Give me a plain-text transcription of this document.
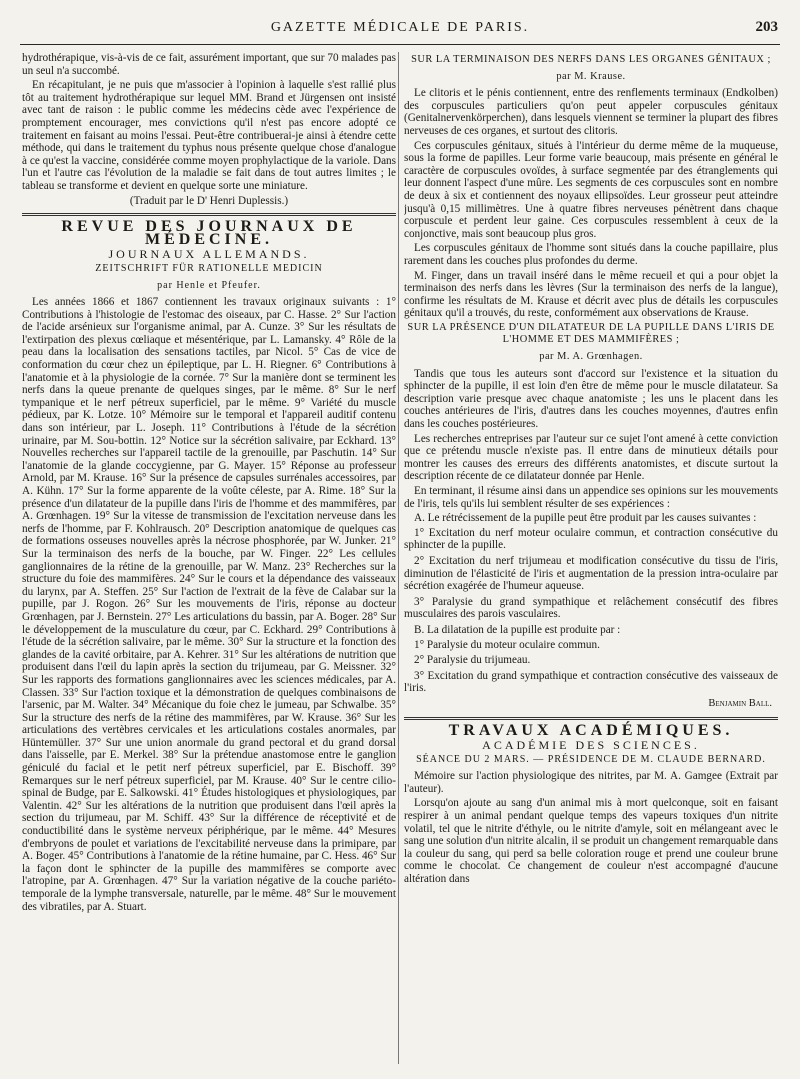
GAZETTE MÉDICALE DE PARIS.	203

hydrothérapique, vis-à-vis de ce fait, assurément important, que sur 70 malades pas un seul n'a succombé.

En récapitulant, je ne puis que m'associer à l'opinion à laquelle s'est rallié plus tôt au traitement hydrothérapique sur lequel MM. Brand et Jürgensen ont insisté avec tant de raison : le public comme les médecins cède avec l'expérience de promptement encourager, mes convictions qu'il n'est pas encore adopté ce traitement en faisant au moins l'essai. Peut-être contribuerai-je ainsi à étendre cette méthode, qui dans le traitement du typhus nous présente quelque chose d'analogue à ce qu'est la vaccine, considérée comme moyen prophylactique de la variole. Dans l'un et l'autre cas l'évolution de la maladie se fait dans de tout autres limites ; le tableau se transforme et devient en quelque sorte une miniature.

(Traduit par le D' Henri Duplessis.)

REVUE DES JOURNAUX DE MÉDECINE.
JOURNAUX ALLEMANDS.
ZEITSCHRIFT FÜR RATIONELLE MEDICIN
par Henle et Pfeufer.

Les années 1866 et 1867 contiennent les travaux originaux suivants : 1° Contributions à l'histologie de l'estomac des oiseaux, par C. Hasse. 2° Sur l'action de l'acide arsénieux sur l'organisme animal, par A. Cunze. 3° Sur les résultats de l'extirpation des plexus cœliaque et mésentérique, par L. Lamansky. 4° Rôle de la peau dans la localisation des sensations tactiles, par Nicol. 5° Cas de vice de conformation du cœur chez un épileptique, par L. H. Riegner. 6° Contributions à l'anatomie et à la physiologie de la cornée. 7° Sur la manière dont se terminent les nerfs dans la queue prenante de quelques singes, par le même. 8° Sur le nerf tympanique et le nerf pétreux superficiel, par le même. 9° Variété du muscle pédieux, par K. Lotze. 10° Mémoire sur le temporal et l'appareil auditif contenu dans son intérieur, par L. Joseph. 11° Contributions à l'étude de la sécrétion urinaire, par M. Sou-bottin. 12° Notice sur la sécrétion salivaire, par Eckhard. 13° Nouvelles recherches sur l'appareil tactile de la grenouille, par Paschutin. 14° Sur l'anatomie de la glande coccygienne, par G. Mayer. 15° Réponse au professeur Arnold, par M. Krause. 16° Sur la présence de capsules surrénales accessoires, par A. Kühn. 17° Sur la forme apparente de la voûte céleste, par A. Rime. 18° Sur la présence d'un dilatateur de la pupille dans l'iris de l'homme et des mammifères, par A. Grœnhagen. 19° Sur la vitesse de transmission de l'excitation nerveuse dans les nerfs de l'homme, par F. Kohlrausch. 20° Description anatomique de quelques cas de formations osseuses nouvelles après la nécrose phosphorée, par W. Junker. 21° Sur la terminaison des nerfs de la bouche, par W. Finger. 22° Les cellules ganglionnaires de la rétine de la grenouille, par W. Manz. 23° Recherches sur la structure du foie des mammifères. 24° Sur le cours et la dépendance des vaisseaux du larynx, par A. Steffen. 25° Sur l'action de l'extrait de la fève de Calabar sur la pupille, par J. Rogon. 26° Sur les mouvements de l'iris, réponse au docteur Grœnhagen, par J. Bernstein. 27° Les articulations du bassin, par A. Boger. 28° Sur le développement de la musculature du cœur, par C. Eckhard. 29° Contributions à l'étude de la sécrétion salivaire, par le même. 30° Sur la structure et la fonction des glandes de la cavité orbitaire, par A. Kehrer. 31° Sur les altérations de nutrition que produisent dans l'œil du lapin après la section du trijumeau, par G. Meissner. 32° Sur les rapports des formations ganglionnaires avec les sciences médicales, par A. Classen. 33° Sur l'action toxique et la démonstration de quelques combinaisons de l'arsenic, par M. Walter. 34° Mécanique du foie chez le jumeau, par Schwalbe. 35° Sur la structure des nerfs de la rétine des mammifères, par W. Krause. 36° Sur les articulations des vertèbres cervicales et les articulations costales anormales, par Hüntemüller. 37° Sur une union anormale du grand pectoral et du grand dorsal dans l'aisselle, par E. Merkel. 38° Sur la prétendue anastomose entre le ganglion géniculé du facial et le petit nerf pétreux superficiel, par E. Bischoff. 39° Remarques sur le nerf pétreux superficiel, par M. Krause. 40° Sur le centre cilio-spinal de Budge, par E. Salkowski. 41° Études histologiques et physiologiques, par Valentin. 42° Sur les altérations de la nutrition que produisent dans l'œil après la section du trijumeau, par M. Schiff. 43° Sur la différence de réceptivité et de conductibilité dans le système nerveux périphérique, par le même. 44° Mesures d'embryons de poulet et variations de l'excitabilité nerveuse dans la primipare, par A. Boger. 45° Contributions à l'anatomie de la rétine humaine, par C. Hess. 46° Sur la façon dont le sphincter de la pupille des mammifères se comporte avec l'atropine, par A. Grœnhagen. 47° Sur la variation négative de la couche pariéto-temporale de la lymphe transversale, naturelle, par le même. 48° Sur le mouvement des vibratiles, par A. Stuart.

SUR LA TERMINAISON DES NERFS DANS LES ORGANES GÉNITAUX ;
par M. Krause.

Le clitoris et le pénis contiennent, entre des renflements terminaux (Endkolben) des corpuscules particuliers qu'on peut appeler corpuscules génitaux (Genitalnervenkörperchen), dans lesquels viennent se terminer la plupart des fibres nerveuses de ces organes, et surtout des clitoris.

Ces corpuscules génitaux, situés à l'intérieur du derme même de la muqueuse, sous la forme de papilles. Leur forme varie beaucoup, mais présente en général le caractère de corpuscules ovoïdes, à surface segmentée par des étranglements qui leur donnent l'aspect d'une mûre. Les segments de ces corpuscules sont en nombre de deux à six et contiennent des noyaux ellipsoïdes. Leur grosseur peut atteindre jusqu'à 0,15 millimètres. Une à quatre fibres nerveuses pénètrent dans chaque corpuscule et perdent leur gaine. Ces corpuscules ressemblent à ceux de la conjonctive, mais sont beaucoup plus gros.

Les corpuscules génitaux de l'homme sont situés dans la couche papillaire, plus rarement dans les couches plus profondes du derme.

M. Finger, dans un travail inséré dans le même recueil et qui a pour objet la terminaison des nerfs dans les lèvres (Sur la terminaison des nerfs de la langue), confirme les résultats de M. Krause et décrit avec plus de détails les corpuscules génitaux qu'il a trouvés, du reste, conformément aux observations de Krause.

SUR LA PRÉSENCE D'UN DILATATEUR DE LA PUPILLE DANS L'IRIS DE L'HOMME ET DES MAMMIFÈRES ;
par M. A. Grœnhagen.

Tandis que tous les auteurs sont d'accord sur l'existence et la situation du sphincter de la pupille, il est loin d'en être de même pour le muscle dilatateur. Sa description varie presque avec chaque anatomiste ; les uns le placent dans les couches antérieures de l'iris, d'autres dans les couches moyennes, d'autres enfin dans les couches postérieures.

Les recherches entreprises par l'auteur sur ce sujet l'ont amené à cette conviction que ce prétendu muscle n'existe pas. Il entre dans de minutieux détails pour montrer les causes des erreurs des différents anatomistes, et discute surtout la description récente de ce dilatateur donnée par Henle.

En terminant, il résume ainsi dans un appendice ses opinions sur les mouvements de l'iris, tels qu'ils lui semblent résulter de ses expériences :

A. Le rétrécissement de la pupille peut être produit par les causes suivantes :

1° Excitation du nerf moteur oculaire commun, et contraction consécutive du sphincter de la pupille.

2° Excitation du nerf trijumeau et modification consécutive du tissu de l'iris, diminution de l'élasticité de l'iris et augmentation de la pression intra-oculaire par sécrétion exagérée de l'humeur aqueuse.

3° Paralysie du grand sympathique et relâchement consécutif des fibres musculaires des parois vasculaires.

B. La dilatation de la pupille est produite par :

1° Paralysie du moteur oculaire commun.

2° Paralysie du trijumeau.

3° Excitation du grand sympathique et contraction consécutive des vaisseaux de l'iris.

Benjamin Ball.
TRAVAUX ACADÉMIQUES.
ACADÉMIE DES SCIENCES.
SÉANCE DU 2 MARS. — PRÉSIDENCE DE M. CLAUDE BERNARD.

Mémoire sur l'action physiologique des nitrites, par M. A. Gamgee (Extrait par l'auteur).

Lorsqu'on ajoute au sang d'un animal mis à mort quelconque, soit en faisant respirer à un animal pendant quelque temps des vapeurs toxiques d'un nitrite volatil, tel que le nitrite d'éthyle, ou le nitrite d'amyle, soit en mélangeant avec le sang une solution d'un nitrite alcalin, il se produit un changement remarquable dans la couleur du sang, qui perd sa belle coloration rouge et prend une couleur brune comme le chocolat. Ce changement de couleur n'est accompagné d'aucune altération dans
